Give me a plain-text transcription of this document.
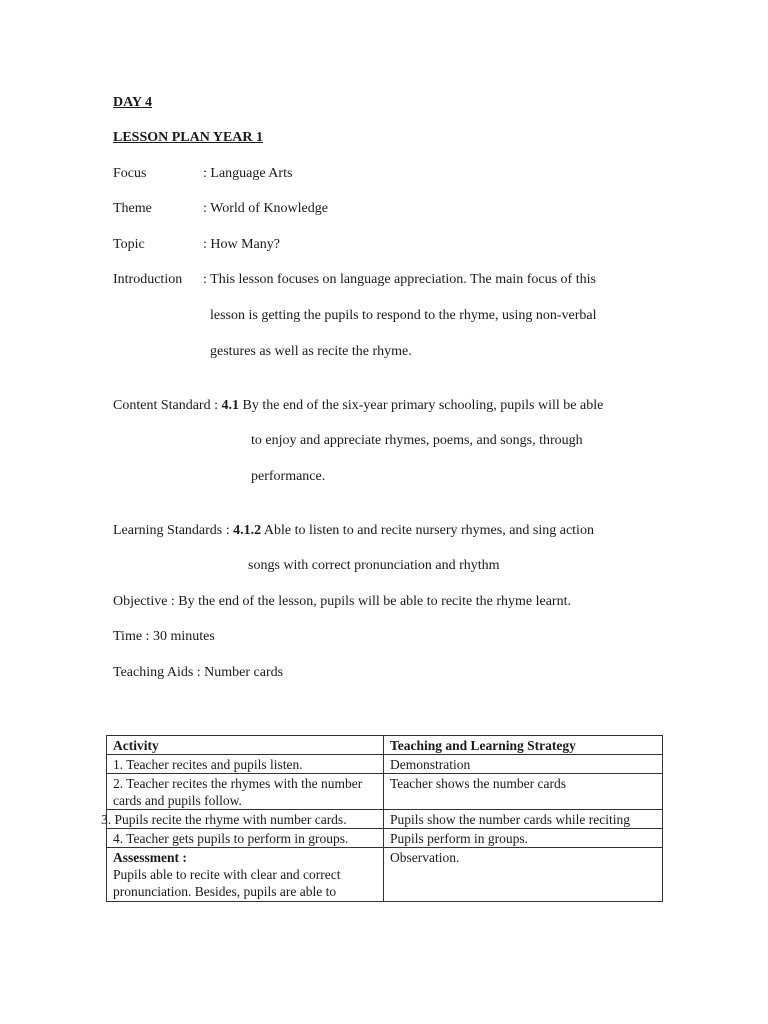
DAY 4
LESSON PLAN YEAR 1
Focus	: Language Arts
Theme	: World of Knowledge
Topic	: How Many?
Introduction : This lesson focuses on language appreciation. The main focus of this
lesson is getting the pupils to respond to the rhyme, using non-verbal
gestures as well as recite the rhyme.
Content Standard : 4.1 By the end of the six-year primary schooling, pupils will be able
to enjoy and appreciate rhymes, poems, and songs, through
performance.
Learning Standards : 4.1.2 Able to listen to and recite nursery rhymes, and sing action
songs with correct pronunciation and rhythm
Objective : By the end of the lesson, pupils will be able to recite the rhyme learnt.
Time : 30 minutes
Teaching Aids : Number cards
Activity	Teaching and Learning Strategy
1. Teacher recites and pupils listen.	Demonstration
2. Teacher recites the rhymes with the number cards and pupils follow.	Teacher shows the number cards
3. Pupils recite the rhyme with number cards.	Pupils show the number cards while reciting
4. Teacher gets pupils to perform in groups.	Pupils perform in groups.

Assessment :
Pupils able to recite with clear and correct pronunciation. Besides, pupils are able to	Observation.
